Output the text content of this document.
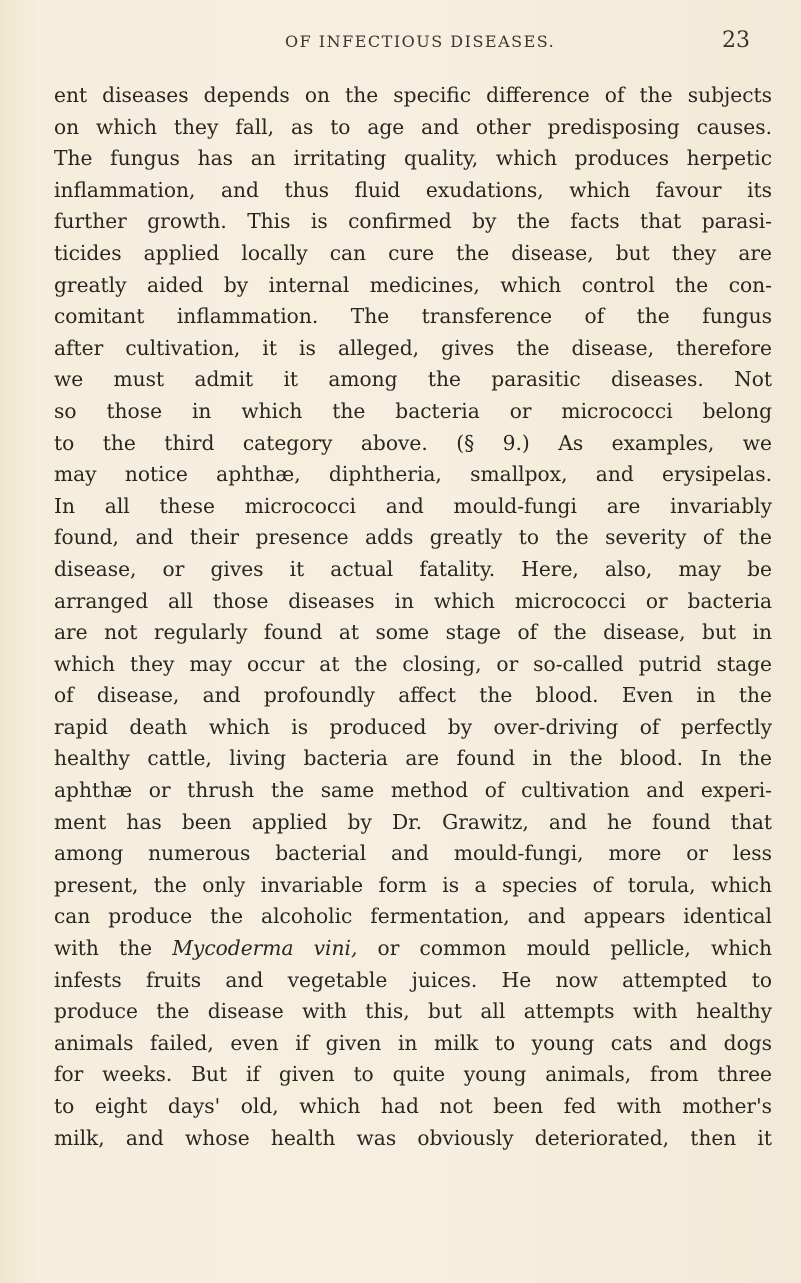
OF INFECTIOUS DISEASES.	23
ent diseases depends on the specific difference of the subjects
on which they fall, as to age and other predisposing causes.
The fungus has an irritating quality, which produces herpetic
inflammation, and thus fluid exudations, which favour its
further growth. This is confirmed by the facts that parasi-
ticides applied locally can cure the disease, but they are
greatly aided by internal medicines, which control the con-
comitant inflammation. The transference of the fungus
after cultivation, it is alleged, gives the disease, therefore
we must admit it among the parasitic diseases. Not
so those in which the bacteria or micrococci belong
to the third category above. (§ 9.) As examples, we
may notice aphthæ, diphtheria, smallpox, and erysipelas.
In all these micrococci and mould-fungi are invariably
found, and their presence adds greatly to the severity of the
disease, or gives it actual fatality. Here, also, may be
arranged all those diseases in which micrococci or bacteria
are not regularly found at some stage of the disease, but in
which they may occur at the closing, or so-called putrid stage
of disease, and profoundly affect the blood. Even in the
rapid death which is produced by over-driving of perfectly
healthy cattle, living bacteria are found in the blood. In the
aphthæ or thrush the same method of cultivation and experi-
ment has been applied by Dr. Grawitz, and he found that
among numerous bacterial and mould-fungi, more or less
present, the only invariable form is a species of torula, which
can produce the alcoholic fermentation, and appears identical
with the Mycoderma vini, or common mould pellicle, which
infests fruits and vegetable juices. He now attempted to
produce the disease with this, but all attempts with healthy
animals failed, even if given in milk to young cats and dogs
for weeks. But if given to quite young animals, from three
to eight days' old, which had not been fed with mother's
milk, and whose health was obviously deteriorated, then it
